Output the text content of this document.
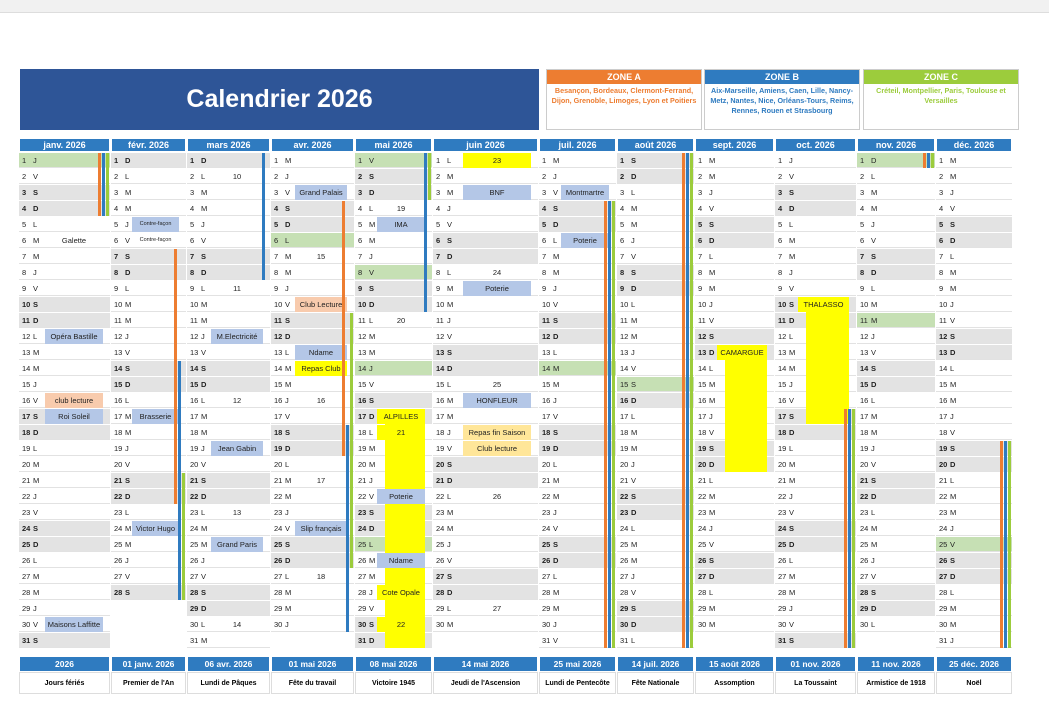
Calendrier 2026
ZONE A
Besançon, Bordeaux, Clermont-Ferrand, Dijon, Grenoble, Limoges, Lyon et Poitiers
ZONE B
Aix-Marseille, Amiens, Caen, Lille, Nancy-Metz, Nantes, Nice, Orléans-Tours, Reims, Rennes, Rouen et Strasbourg
ZONE C
Créteil, Montpellier, Paris, Toulouse et Versailles
janv. 2026
1 J
2 V
3 S
4 D
5 L
6 M
7 M
8 J
9 V
10 S
11 D
12 L
13 M
14 M
15 J
16 V
17 S
18 D
19 L
20 M
21 M
22 J
23 V
24 S
25 D
26 L
27 M
28 M
29 J
30 V
31 S
Galette
Opéra Bastille
club lecture
Roi Soleil
Maisons Laffitte
févr. 2026
1 D
2 L
3 M
4 M
5 J
6 V
7 S
8 D
9 L
10 M
11 M
12 J
13 V
14 S
15 D
16 L
17 M
18 M
19 J
20 V
21 S
22 D
23 L
24 M
25 M
26 J
27 V
28 S
Contre-façon
Contre-façon
Brasserie
Victor Hugo
mars 2026
1 D
2 L
3 M
4 M
5 J
6 V
7 S
8 D
9 L
10 M
11 M
12 J
13 V
14 S
15 D
16 L
17 M
18 M
19 J
20 V
21 S
22 D
23 L
24 M
25 M
26 J
27 V
28 S
29 D
30 L
31 M
10
11
M.Electricité
12
Jean Gabin
13
Grand Paris
14
avr. 2026
1 M
2 J
3 V
4 S
5 D
6 L
7 M
8 M
9 J
10 V
11 S
12 D
13 L
14 M
15 M
16 J
17 V
18 S
19 D
20 L
21 M
22 M
23 J
24 V
25 S
26 D
27 L
28 M
29 M
30 J
Grand Palais
15
Club Lecture
Ndame
Repas Club
16
17
Slip français
18
mai 2026
1 V
2 S
3 D
4 L
5 M
6 M
7 J
8 V
9 S
10 D
11 L
12 M
13 M
14 J
15 V
16 S
17 D
18 L
19 M
20 M
21 J
22 V
23 S
24 D
25 L
26 M
27 M
28 J
29 V
30 S
31 D
19
IMA
20
ALPILLES
21
Poterie
Ndame
Cote Opale
22
juin 2026
1 L
2 M
3 M
4 J
5 V
6 S
7 D
8 L
9 M
10 M
11 J
12 V
13 S
14 D
15 L
16 M
17 M
18 J
19 V
20 S
21 D
22 L
23 M
24 M
25 J
26 V
27 S
28 D
29 L
30 M
23
BNF
24
Poterie
25
HONFLEUR
Repas fin Saison
Club lecture
26
27
juil. 2026
1 M
2 J
3 V
4 S
5 D
6 L
7 M
8 M
9 J
10 V
11 S
12 D
13 L
14 M
15 M
16 J
17 V
18 S
19 D
20 L
21 M
22 M
23 J
24 V
25 S
26 D
27 L
28 M
29 M
30 J
31 V
Montmartre
Poterie
août 2026
1 S
2 D
3 L
4 M
5 M
6 J
7 V
8 S
9 D
10 L
11 M
12 M
13 J
14 V
15 S
16 D
17 L
18 M
19 M
20 J
21 V
22 S
23 D
24 L
25 M
26 M
27 J
28 V
29 S
30 D
31 L
sept. 2026
1 M
2 M
3 J
4 V
5 S
6 D
7 L
8 M
9 M
10 J
11 V
12 S
13 D
14 L
15 M
16 M
17 J
18 V
19 S
20 D
21 L
22 M
23 M
24 J
25 V
26 S
27 D
28 L
29 M
30 M
CAMARGUE
oct. 2026
1 J
2 V
3 S
4 D
5 L
6 M
7 M
8 J
9 V
10 S
11 D
12 L
13 M
14 M
15 J
16 V
17 S
18 D
19 L
20 M
21 M
22 J
23 V
24 S
25 D
26 L
27 M
28 M
29 J
30 V
31 S
THALASSO
nov. 2026
1 D
2 L
3 M
4 M
5 J
6 V
7 S
8 D
9 L
10 M
11 M
12 J
13 V
14 S
15 D
16 L
17 M
18 M
19 J
20 V
21 S
22 D
23 L
24 M
25 M
26 J
27 V
28 S
29 D
30 L
déc. 2026
1 M
2 M
3 J
4 V
5 S
6 D
7 L
8 M
9 M
10 J
11 V
12 S
13 D
14 L
15 M
16 M
17 J
18 V
19 S
20 D
21 L
22 M
23 M
24 J
25 V
26 S
27 D
28 L
29 M
30 M
31 J
2026
Jours fériés
01 janv. 2026
Premier de l'An
06 avr. 2026
Lundi de Pâques
01 mai 2026
Fête du travail
08 mai 2026
Victoire 1945
14 mai 2026
Jeudi de l'Ascension
25 mai 2026
Lundi de Pentecôte
14 juil. 2026
Fête Nationale
15 août 2026
Assomption
01 nov. 2026
La Toussaint
11 nov. 2026
Armistice de 1918
25 déc. 2026
Noël
